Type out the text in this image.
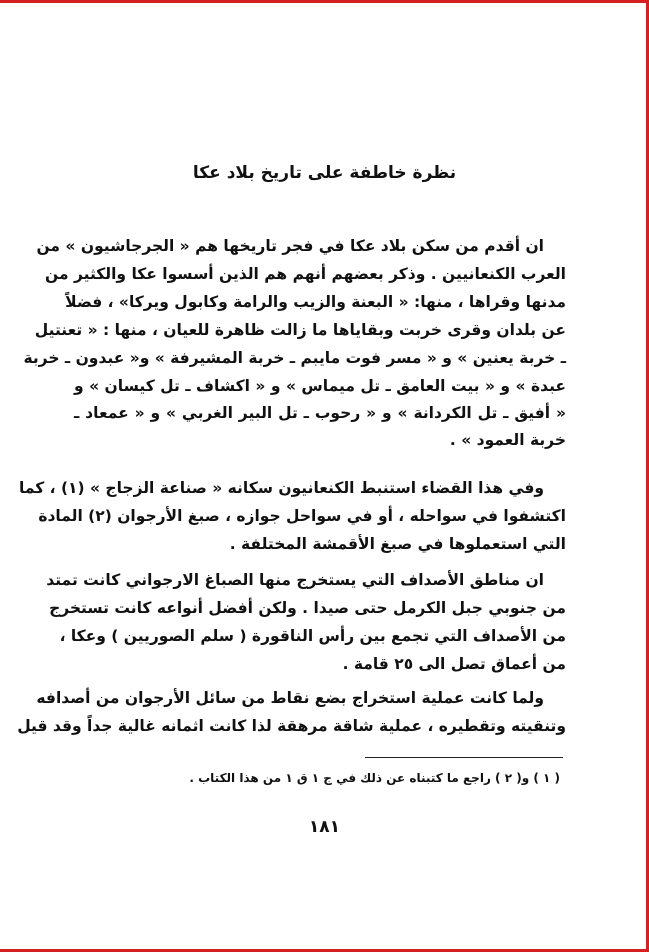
نظرة خاطفة على تاريخ بلاد عكا
ان أقدم من سكن بلاد عكا في فجر تاريخها هم « الجرجاشيون » من
العرب الكنعانيين . وذكر بعضهم أنهم هم الذين أسسوا عكا والكثير من
مدنها وقراها ، منها: « البعنة والزيب والرامة وكابول ويركا» ، فضلاً
عن بلدان وقرى خربت وبقاياها ما زالت ظاهرة للعيان ، منها : « تعنتيل
ـ خربة يعنين » و « مسر فوت مايبم ـ خربة المشيرفة » و« عبدون ـ خربة
عبدة » و « بيت العامق ـ تل ميماس » و « اكشاف ـ تل كيسان » و
« أفيق ـ تل الكردانة » و « رحوب ـ تل البير الغربي » و « عمعاد ـ
خربة العمود » .
وفي هذا القضاء استنبط الكنعانيون سكانه « صناعة الزجاج » (١) ، كما
اكتشفوا في سواحله ، أو في سواحل جوازه ، صبغ الأرجوان (٢) المادة
التي استعملوها في صبغ الأقمشة المختلفة .
ان مناطق الأصداف التي يستخرج منها الصباغ الارجواني كانت تمتد
من جنوبي جبل الكرمل حتى صيدا . ولكن أفضل أنواعه كانت تستخرج
من الأصداف التي تجمع بين رأس الناقورة ( سلم الصوريين ) وعكا ،
من أعماق تصل الى ٢٥ قامة .
ولما كانت عملية استخراج بضع نقاط من سائل الأرجوان من أصدافه
وتنقيته وتقطيره ، عملية شاقة مرهقة لذا كانت اثمانه غالية جداً وقد قيل
( ١ ) و( ٢ ) راجع ما كتبناه عن ذلك في ج ١ ق ١ من هذا الكتاب .
١٨١
